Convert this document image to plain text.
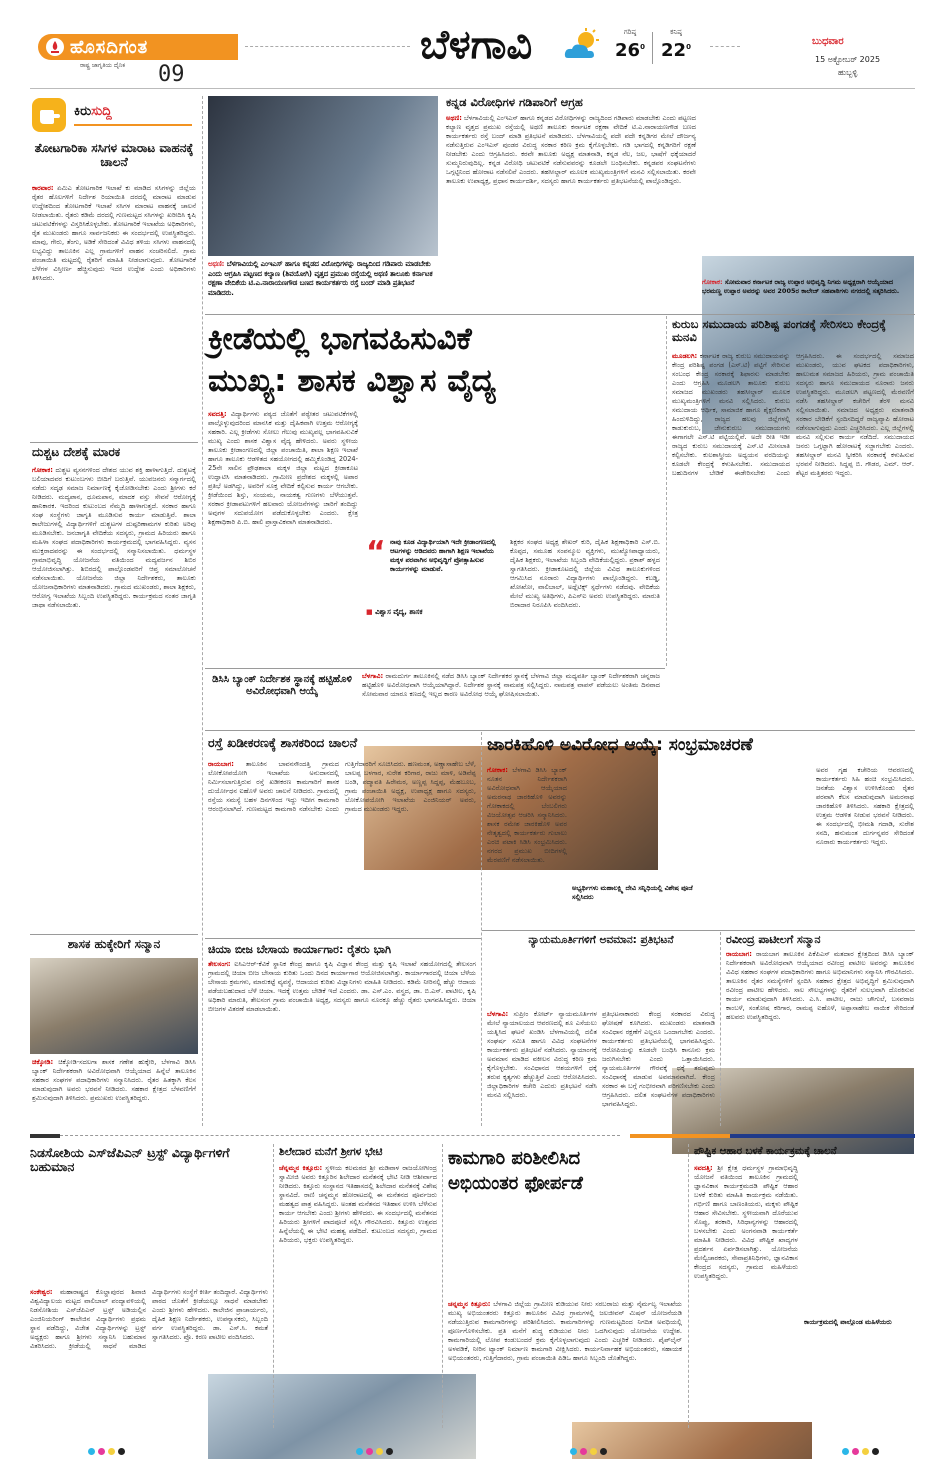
ಹೊಸದಿಗಂತ
ರಾಷ್ಟ್ರ ಜಾಗೃತಿಯ ದೈನಿಕ 09
ಬೆಳಗಾವಿ	ಗರಿಷ್ಠ
$26^0$
ಕನಿಷ್ಠ
$22^0$	ಬುಧವಾರ
15 ಅಕ್ಟೋಬರ್ 2025
ಹುಬ್ಬಳ್ಳಿ
ಕಿರುಸುದ್ದಿ
ತೋಟಗಾರಿಕಾ ಸಸಿಗಳ ಮಾರಾಟ ವಾಹನಕ್ಕೆ ಚಾಲನೆ
ಕಾರವಾರ: ಏಮಿಎ ತೋಟಗಾರಿಕ ಇಲಾಖೆ ಕು ಮಾಡಿದ ಸಸಿಗಳನ್ನು ಜಿಲ್ಲೆಯ ರೈತರ ಹೊಲಗಳಿಗೆ ನಿರ್ದೇಶ ರಿಯಾಯಿತಿ ದರದಲ್ಲಿ ಮಾರಾಟ ಮಾಡುವ ಉದ್ದೇಶದಿಂದ ತೋಟಗಾರಿಕೆ ಇಲಾಖೆ ಸಸಿಗಳ ಮಾರಾಟ ವಾಹನಕ್ಕೆ ಚಾಲನೆ ನೀಡಲಾಯಿತು. ರೈತರು ಕಡಿಮೆ ದರದಲ್ಲಿ ಗುಣಮಟ್ಟದ ಸಸಿಗಳನ್ನು ಖರೀದಿಸಿ ಕೃಷಿ ಚಟುವಟಿಕೆಗಳನ್ನು ವಿಸ್ತರಿಸಿಕೊಳ್ಳಬೇಕು. ತೋಟಗಾರಿಕೆ ಇಲಾಖೆಯ ಅಧಿಕಾರಿಗಳು, ರೈತ ಮುಖಂಡರು ಹಾಗೂ ಸಾರ್ವಜನಿಕರು ಈ ಸಂದರ್ಭದಲ್ಲಿ ಉಪಸ್ಥಿತರಿದ್ದರು. ಮಾವು, ಗೇರು, ತೆಂಗು, ಅಡಿಕೆ ಸೇರಿದಂತೆ ವಿವಿಧ ತಳಿಯ ಸಸಿಗಳು ವಾಹನದಲ್ಲಿ ಲಭ್ಯವಿದ್ದು ತಾಲೂಕಿನ ಎಲ್ಲ ಗ್ರಾಮಗಳಿಗೆ ವಾಹನ ಸಂಚರಿಸಲಿದೆ. ಗ್ರಾಮ ಪಂಚಾಯಿತಿ ಮಟ್ಟದಲ್ಲಿ ರೈತರಿಗೆ ಮಾಹಿತಿ ನೀಡಲಾಗುವುದು. ತೋಟಗಾರಿಕೆ ಬೆಳೆಗಳ ವಿಸ್ತೀರ್ಣ ಹೆಚ್ಚಿಸುವುದು ಇದರ ಉದ್ದೇಶ ಎಂದು ಅಧಿಕಾರಿಗಳು ತಿಳಿಸಿದರು.
ದುಶ್ಚಟ ದೇಶಕ್ಕೆ ಮಾರಕ
ಗೋಕಾಕ: ದುಶ್ಚಟ ವ್ಯಸನಗಳಿಂದ ದೇಶದ ಯುವ ಶಕ್ತಿ ಹಾಳಾಗುತ್ತಿದೆ. ದುಶ್ಚಟಕ್ಕೆ ಬಲಿಯಾದವರ ಕುಟುಂಬಗಳು ಬೀದಿಗೆ ಬರುತ್ತಿವೆ. ಯುವಜನರು ಸನ್ಮಾರ್ಗದಲ್ಲಿ ನಡೆದು ಸದೃಢ ಸಮಾಜ ನಿರ್ಮಾಣಕ್ಕೆ ಕೈಜೋಡಿಸಬೇಕು ಎಂದು ಶ್ರೀಗಳು ಕರೆ ನೀಡಿದರು. ಮದ್ಯಪಾನ, ಧೂಮಪಾನ, ಮಾದಕ ವಸ್ತು ಸೇವನೆ ಆರೋಗ್ಯಕ್ಕೆ ಹಾನಿಕಾರಕ. ಇದರಿಂದ ಕುಟುಂಬದ ನೆಮ್ಮದಿ ಹಾಳಾಗುತ್ತದೆ. ಸರಕಾರ ಹಾಗೂ ಸಂಘ ಸಂಸ್ಥೆಗಳು ಜಾಗೃತಿ ಮೂಡಿಸುವ ಕಾರ್ಯ ಮಾಡುತ್ತಿವೆ. ಶಾಲಾ ಕಾಲೇಜುಗಳಲ್ಲಿ ವಿದ್ಯಾರ್ಥಿಗಳಿಗೆ ದುಶ್ಚಟಗಳ ದುಷ್ಪರಿಣಾಮಗಳ ಕುರಿತು ಅರಿವು ಮೂಡಿಸಬೇಕು. ಜನಜಾಗೃತಿ ವೇದಿಕೆಯ ಸದಸ್ಯರು, ಗ್ರಾಮದ ಹಿರಿಯರು ಹಾಗೂ ಮಹಿಳಾ ಸಂಘದ ಪದಾಧಿಕಾರಿಗಳು ಕಾರ್ಯಕ್ರಮದಲ್ಲಿ ಭಾಗವಹಿಸಿದ್ದರು. ವ್ಯಸನ ಮುಕ್ತರಾದವರನ್ನು ಈ ಸಂದರ್ಭದಲ್ಲಿ ಸನ್ಮಾನಿಸಲಾಯಿತು. ಧರ್ಮಸ್ಥಳ ಗ್ರಾಮಾಭಿವೃದ್ಧಿ ಯೋಜನೆಯ ವತಿಯಿಂದ ಮದ್ಯವರ್ಜನ ಶಿಬಿರ ಆಯೋಜಿಸಲಾಗಿತ್ತು. ಶಿಬಿರದಲ್ಲಿ ಪಾಲ್ಗೊಂಡವರಿಗೆ ಆಪ್ತ ಸಮಾಲೋಚನೆ ನಡೆಸಲಾಯಿತು. ಯೋಜನೆಯ ಜಿಲ್ಲಾ ನಿರ್ದೇಶಕರು, ತಾಲೂಕು ಯೋಜನಾಧಿಕಾರಿಗಳು ಮಾತನಾಡಿದರು. ಗ್ರಾಮದ ಮುಖಂಡರು, ಶಾಲಾ ಶಿಕ್ಷಕರು, ಆರೋಗ್ಯ ಇಲಾಖೆಯ ಸಿಬ್ಬಂದಿ ಉಪಸ್ಥಿತರಿದ್ದರು. ಕಾರ್ಯಕ್ರಮದ ನಂತರ ಜಾಗೃತಿ ಜಾಥಾ ನಡೆಸಲಾಯಿತು.
ಶಾಸಕ ಹುಕ್ಕೇರಿಗೆ ಸನ್ಮಾನ
ಚಿಕ್ಕೋಡಿ: ಚಿಕ್ಕೋಡಿ-ಸದಲಗಾ ಶಾಸಕ ಗಣೇಶ ಹುಕ್ಕೇರಿ, ಬೆಳಗಾವಿ ಡಿಸಿಸಿ ಬ್ಯಾಂಕ್ ನಿರ್ದೇಶಕರಾಗಿ ಅವಿರೋಧವಾಗಿ ಆಯ್ಕೆಯಾದ ಹಿನ್ನೆಲೆ ತಾಲೂಕಿನ ಸಹಕಾರ ಸಂಘಗಳ ಪದಾಧಿಕಾರಿಗಳು ಸನ್ಮಾನಿಸಿದರು. ರೈತರ ಹಿತಕ್ಕಾಗಿ ಕೆಲಸ ಮಾಡುವುದಾಗಿ ಅವರು ಭರವಸೆ ನೀಡಿದರು. ಸಹಕಾರ ಕ್ಷೇತ್ರದ ಬೆಳವಣಿಗೆಗೆ ಶ್ರಮಿಸುವುದಾಗಿ ತಿಳಿಸಿದರು. ಪ್ರಮುಖರು ಉಪಸ್ಥಿತರಿದ್ದರು.
ಅಥಣಿ: ಬೆಳಗಾವಿಯಲ್ಲಿ ಎಂಇಎಸ್ ಹಾಗೂ ಕನ್ನಡದ ವಿರೋಧಿಗಳನ್ನು ರಾಜ್ಯದಿಂದ ಗಡಿಪಾರು ಮಾಡಬೇಕು ಎಂದು ಆಗ್ರಹಿಸಿ ಪಟ್ಟಣದ ಕಲ್ಯಾಣ (ಶಿವಯೋಗಿ) ವೃತ್ತದ ಪ್ರಮುಖ ರಸ್ತೆಯಲ್ಲಿ ಅಥಣಿ ತಾಲೂಕು ಕರ್ನಾಟಕ ರಕ್ಷಣಾ ವೇದಿಕೆಯ ಟಿ.ಎ.ನಾರಾಯಣಗೌಡ ಬಣದ ಕಾರ್ಯಕರ್ತರು ರಸ್ತೆ ಬಂದ್ ಮಾಡಿ ಪ್ರತಿಭಟನೆ ಮಾಡಿದರು.
ಕನ್ನಡ ವಿರೋಧಿಗಳ ಗಡಿಪಾರಿಗೆ ಆಗ್ರಹ
ಅಥಣಿ: ಬೆಳಗಾವಿಯಲ್ಲಿ ಎಂಇಎಸ್ ಹಾಗೂ ಕನ್ನಡದ ವಿರೋಧಿಗಳನ್ನು ರಾಜ್ಯದಿಂದ ಗಡಿಪಾರು ಮಾಡಬೇಕು ಎಂದು ಪಟ್ಟಣದ ಕಲ್ಯಾಣ ವೃತ್ತದ ಪ್ರಮುಖ ರಸ್ತೆಯಲ್ಲಿ ಅಥಣಿ ತಾಲೂಕು ಕರ್ನಾಟಕ ರಕ್ಷಣಾ ವೇದಿಕೆ ಟಿ.ಎ.ನಾರಾಯಣಗೌಡ ಬಣದ ಕಾರ್ಯಕರ್ತರು ರಸ್ತೆ ಬಂದ್ ಮಾಡಿ ಪ್ರತಿಭಟನೆ ಮಾಡಿದರು. ಬೆಳಗಾವಿಯಲ್ಲಿ ಪದೇ ಪದೇ ಕನ್ನಡಿಗರ ಮೇಲೆ ದೌರ್ಜನ್ಯ ನಡೆಸುತ್ತಿರುವ ಎಂಇಎಸ್ ಪುಂಡರ ವಿರುದ್ಧ ಸರಕಾರ ಕಠಿಣ ಕ್ರಮ ಕೈಗೊಳ್ಳಬೇಕು. ಗಡಿ ಭಾಗದಲ್ಲಿ ಕನ್ನಡಿಗರಿಗೆ ರಕ್ಷಣೆ ನೀಡಬೇಕು ಎಂದು ಆಗ್ರಹಿಸಿದರು. ಕರವೇ ತಾಲೂಕು ಅಧ್ಯಕ್ಷ ಮಾತನಾಡಿ, ಕನ್ನಡ ನೆಲ, ಜಲ, ಭಾಷೆಗೆ ಧಕ್ಕೆಯಾದರೆ ಸುಮ್ಮನಿರುವುದಿಲ್ಲ. ಕನ್ನಡ ವಿರೋಧಿ ಚಟುವಟಿಕೆ ನಡೆಸುವವರನ್ನು ಕೂಡಲೇ ಬಂಧಿಸಬೇಕು. ಕನ್ನಡಪರ ಸಂಘಟನೆಗಳು ಒಗ್ಗಟ್ಟಿನಿಂದ ಹೋರಾಟ ನಡೆಸಲಿವೆ ಎಂದರು. ತಹಸೀಲ್ದಾರ್ ಮೂಲಕ ಮುಖ್ಯಮಂತ್ರಿಗಳಿಗೆ ಮನವಿ ಸಲ್ಲಿಸಲಾಯಿತು. ಕರವೇ ತಾಲೂಕು ಉಪಾಧ್ಯಕ್ಷ, ಪ್ರಧಾನ ಕಾರ್ಯದರ್ಶಿ, ಸದಸ್ಯರು ಹಾಗೂ ಕಾರ್ಯಕರ್ತರು ಪ್ರತಿಭಟನೆಯಲ್ಲಿ ಪಾಲ್ಗೊಂಡಿದ್ದರು.
ಗೋಕಾಕ: ಸೋಮವಾರ ಕರ್ನಾಟಕ ರಾಜ್ಯ ಉಪ್ಪಾರ ಅಭಿವೃದ್ಧಿ ನಿಗಮ ಅಧ್ಯಕ್ಷರಾಗಿ ಆಯ್ಕೆಯಾದ ಭರಮಣ್ಣ ಉಪ್ಪಾರ ಅವರನ್ನು ಅವರ 2005ರ ಕಾಲೇಜ್ ಸಹಪಾಠಿಗಳು ನಗರದಲ್ಲಿ ಸತ್ಕರಿಸಿದರು.
ಕ್ರೀಡೆಯಲ್ಲಿ ಭಾಗವಹಿಸುವಿಕೆ
ಮುಖ್ಯ: ಶಾಸಕ ವಿಶ್ವಾಸ ವೈದ್ಯ
ಸವದತ್ತಿ: ವಿದ್ಯಾರ್ಥಿಗಳು ಪಠ್ಯದ ಜೊತೆಗೆ ಪಠ್ಯೇತರ ಚಟುವಟಿಕೆಗಳಲ್ಲಿ ಪಾಲ್ಗೊಳ್ಳುವುದರಿಂದ ಮಾನಸಿಕ ಮತ್ತು ದೈಹಿಕವಾಗಿ ಉತ್ತಮ ಆರೋಗ್ಯಕ್ಕೆ ಸಹಕಾರಿ. ಎಲ್ಲ ಕ್ರೀಡೆಗಳು ಸೋಲು ಗೆಲುವು ಮುಖ್ಯವಲ್ಲ ಭಾಗವಹಿಸುವಿಕೆ ಮುಖ್ಯ ಎಂದು ಶಾಸಕ ವಿಶ್ವಾಸ ವೈದ್ಯ ಹೇಳಿದರು. ಅವರು ಸ್ಥಳೀಯ ತಾಲೂಕು ಕ್ರೀಡಾಂಗಣದಲ್ಲಿ ಜಿಲ್ಲಾ ಪಂಚಾಯಿತಿ, ಶಾಲಾ ಶಿಕ್ಷಣ ಇಲಾಖೆ ಹಾಗೂ ತಾಲೂಕು ಆಡಳಿತದ ಸಹಯೋಗದಲ್ಲಿ ಹಮ್ಮಿಕೊಂಡಿದ್ದ 2024-25ನೇ ಸಾಲಿನ ಪ್ರೌಢಶಾಲಾ ಮಕ್ಕಳ ಜಿಲ್ಲಾ ಮಟ್ಟದ ಕ್ರೀಡಾಕೂಟ ಉದ್ಘಾಟಿಸಿ ಮಾತನಾಡಿದರು. ಗ್ರಾಮೀಣ ಪ್ರದೇಶದ ಮಕ್ಕಳಲ್ಲಿ ಅಪಾರ ಪ್ರತಿಭೆ ಅಡಗಿದ್ದು, ಅವರಿಗೆ ಸೂಕ್ತ ವೇದಿಕೆ ಕಲ್ಪಿಸುವ ಕಾರ್ಯ ಆಗಬೇಕು. ಕ್ರೀಡೆಯಿಂದ ಶಿಸ್ತು, ಸಂಯಮ, ನಾಯಕತ್ವ ಗುಣಗಳು ಬೆಳೆಯುತ್ತವೆ. ಸರಕಾರ ಕ್ರೀಡಾಪಟುಗಳಿಗೆ ಹಲವಾರು ಯೋಜನೆಗಳನ್ನು ಜಾರಿಗೆ ತಂದಿದ್ದು ಅವುಗಳ ಸದುಪಯೋಗ ಪಡೆದುಕೊಳ್ಳಬೇಕು ಎಂದರು. ಕ್ಷೇತ್ರ ಶಿಕ್ಷಣಾಧಿಕಾರಿ ಪಿ.ಬಿ. ಹಾಲಿ ಪ್ರಾಸ್ತಾವಿಕವಾಗಿ ಮಾತನಾಡಿದರು.
“ ನಾವು ಕೂಡ ವಿದ್ಯಾರ್ಥಿಯಾಗಿ ಇದೇ ಕ್ರೀಡಾಂಗಣದಲ್ಲಿ ಆಟಗಳನ್ನು ಆಡಿದವರು ಹಾಗಾಗಿ ಶಿಕ್ಷಣ ಇಲಾಖೆಯ ಮಕ್ಕಳ ಪರವಾಗಿನ ಅಭಿವೃದ್ಧಿಗೆ ಪ್ರೋತ್ಸಾಹಿಸುವ ಕಾರ್ಯಗಳನ್ನು ಮಾಡುವೆ.
■ ವಿಶ್ವಾಸ ವೈದ್ಯ, ಶಾಸಕ
ಶಿಕ್ಷಕರ ಸಂಘದ ಅಧ್ಯಕ್ಷ ಶೇಖರ್ ಕುರಿ, ದೈಹಿಕ ಶಿಕ್ಷಣಾಧಿಕಾರಿ ಎಸ್.ಬಿ. ಕೊಪ್ಪದ, ಸಮೂಹ ಸಂಪನ್ಮೂಲ ವ್ಯಕ್ತಿಗಳು, ಮುಖ್ಯೋಪಾಧ್ಯಾಯರು, ದೈಹಿಕ ಶಿಕ್ಷಕರು, ಇಲಾಖೆಯ ಸಿಬ್ಬಂದಿ ವೇದಿಕೆಯಲ್ಲಿದ್ದರು. ಪ್ರಕಾಶ್ ಹಳ್ಳದ ಸ್ವಾಗತಿಸಿದರು. ಕ್ರೀಡಾಕೂಟದಲ್ಲಿ ಜಿಲ್ಲೆಯ ವಿವಿಧ ತಾಲೂಕುಗಳಿಂದ ಆಗಮಿಸಿದ ನೂರಾರು ವಿದ್ಯಾರ್ಥಿಗಳು ಪಾಲ್ಗೊಂಡಿದ್ದರು. ಕಬಡ್ಡಿ, ಖೋಖೋ, ವಾಲಿಬಾಲ್, ಅಥ್ಲೆಟಿಕ್ಸ್ ಸ್ಪರ್ಧೆಗಳು ನಡೆದವು. ವೇದಿಕೆಯ ಮೇಲೆ ಮುಖ್ಯ ಅತಿಥಿಗಳು, ಪಿಎಸ್ಐ ಅವರು ಉಪಸ್ಥಿತರಿದ್ದರು. ಮಾರುತಿ ಬಿರಾದಾರ ನಿರೂಪಿಸಿ ವಂದಿಸಿದರು.
ಕುರುಬ ಸಮುದಾಯ ಪರಿಶಿಷ್ಟ ಪಂಗಡಕ್ಕೆ ಸೇರಿಸಲು ಕೇಂದ್ರಕ್ಕೆ ಮನವಿ
ಮೂಡಲಗಿ: ಕರ್ನಾಟಕ ರಾಜ್ಯ ಕುರುಬ ಸಮುದಾಯವನ್ನು ಕೇಂದ್ರ ಪರಿಶಿಷ್ಟ ಪಂಗಡ (ಎಸ್.ಟಿ) ಪಟ್ಟಿಗೆ ಸೇರಿಸುವ ಸಂಬಂಧ ಕೇಂದ್ರ ಸರಕಾರಕ್ಕೆ ಶಿಫಾರಸು ಮಾಡಬೇಕು ಎಂದು ಆಗ್ರಹಿಸಿ ಮೂಡಲಗಿ ತಾಲೂಕು ಕುರುಬ ಸಮಾಜದ ಮುಖಂಡರು ತಹಸೀಲ್ದಾರ್ ಮೂಲಕ ಮುಖ್ಯಮಂತ್ರಿಗಳಿಗೆ ಮನವಿ ಸಲ್ಲಿಸಿದರು. ಕುರುಬ ಸಮುದಾಯ ಆರ್ಥಿಕ, ಸಾಮಾಜಿಕ ಹಾಗೂ ಶೈಕ್ಷಣಿಕವಾಗಿ ಹಿಂದುಳಿದಿದ್ದು, ರಾಜ್ಯದ ಹಲವು ಜಿಲ್ಲೆಗಳಲ್ಲಿ ಕಾಡುಕುರುಬ, ಜೇನುಕುರುಬ ಸಮುದಾಯಗಳು ಈಗಾಗಲೇ ಎಸ್.ಟಿ ಪಟ್ಟಿಯಲ್ಲಿವೆ. ಅದೇ ರೀತಿ ಇಡೀ ರಾಜ್ಯದ ಕುರುಬ ಸಮುದಾಯಕ್ಕೆ ಎಸ್.ಟಿ ಮೀಸಲಾತಿ ಕಲ್ಪಿಸಬೇಕು. ಕುಲಶಾಸ್ತ್ರೀಯ ಅಧ್ಯಯನ ವರದಿಯನ್ನು ಕೂಡಲೇ ಕೇಂದ್ರಕ್ಕೆ ಕಳುಹಿಸಬೇಕು. ಸಮುದಾಯದ ಬಹುದಿನಗಳ ಬೇಡಿಕೆ ಈಡೇರಿಸಬೇಕು ಎಂದು ಆಗ್ರಹಿಸಿದರು. ಈ ಸಂದರ್ಭದಲ್ಲಿ ಸಮಾಜದ ಮುಖಂಡರು, ಯುವ ಘಟಕದ ಪದಾಧಿಕಾರಿಗಳು, ಹಾಲುಮತ ಸಮಾಜದ ಹಿರಿಯರು, ಗ್ರಾಮ ಪಂಚಾಯಿತಿ ಸದಸ್ಯರು ಹಾಗೂ ಸಮುದಾಯದ ನೂರಾರು ಜನರು ಉಪಸ್ಥಿತರಿದ್ದರು. ಮೂಡಲಗಿ ಪಟ್ಟಣದಲ್ಲಿ ಮೆರವಣಿಗೆ ನಡೆಸಿ ತಹಸೀಲ್ದಾರ್ ಕಚೇರಿಗೆ ತೆರಳಿ ಮನವಿ ಸಲ್ಲಿಸಲಾಯಿತು. ಸಮಾಜದ ಅಧ್ಯಕ್ಷರು ಮಾತನಾಡಿ ಸರಕಾರ ಬೇಡಿಕೆಗೆ ಸ್ಪಂದಿಸದಿದ್ದರೆ ರಾಜ್ಯವ್ಯಾಪಿ ಹೋರಾಟ ನಡೆಸಲಾಗುವುದು ಎಂದು ಎಚ್ಚರಿಸಿದರು. ಎಲ್ಲ ಜಿಲ್ಲೆಗಳಲ್ಲಿ ಮನವಿ ಸಲ್ಲಿಸುವ ಕಾರ್ಯ ನಡೆದಿದೆ. ಸಮುದಾಯದ ಜನರು ಒಗ್ಗಟ್ಟಾಗಿ ಹೋರಾಟಕ್ಕೆ ಸಜ್ಜಾಗಬೇಕು ಎಂದರು. ತಹಸೀಲ್ದಾರ್ ಮನವಿ ಸ್ವೀಕರಿಸಿ ಸರಕಾರಕ್ಕೆ ಕಳುಹಿಸುವ ಭರವಸೆ ನೀಡಿದರು. ಸಿದ್ದಪ್ಪ ಬಿ. ಗೌಡರ, ಎಮ್. ಆರ್. ಶೆಟ್ಟರ ಮತ್ತಿತರರು ಇದ್ದರು.
ಡಿಸಿಸಿ ಬ್ಯಾಂಕ್ ನಿರ್ದೇಶಕ ಸ್ಥಾನಕ್ಕೆ ಹಟ್ಟಿಹೊಳಿ ಅವಿರೋಧವಾಗಿ ಆಯ್ಕೆ
ಬೆಳಗಾವಿ: ರಾಮದುರ್ಗ ತಾಲೂಕಿನಲ್ಲಿ ನಡೆದ ಡಿಸಿಸಿ ಬ್ಯಾಂಕ್ ನಿರ್ದೇಶಕರ ಸ್ಥಾನಕ್ಕೆ ಬೆಳಗಾವಿ ಜಿಲ್ಲಾ ಮಧ್ಯವರ್ತಿ ಬ್ಯಾಂಕ್ ನಿರ್ದೇಶಕರಾಗಿ ಚನ್ನರಾಜ ಹಟ್ಟಿಹೊಳಿ ಅವಿರೋಧವಾಗಿ ಆಯ್ಕೆಯಾಗಿದ್ದಾರೆ. ನಿರ್ದೇಶಕ ಸ್ಥಾನಕ್ಕೆ ನಾಮಪತ್ರ ಸಲ್ಲಿಸಿದ್ದರು. ನಾಮಪತ್ರ ವಾಪಸ್ ಪಡೆಯಲು ಅಂತಿಮ ದಿನವಾದ ಸೋಮವಾರ ಯಾರೂ ಕಣದಲ್ಲಿ ಇಲ್ಲದ ಕಾರಣ ಅವಿರೋಧ ಆಯ್ಕೆ ಘೋಷಿಸಲಾಯಿತು.
ರಸ್ತೆ ಖಡೀಕರಣಕ್ಕೆ ಶಾಸಕರಿಂದ ಚಾಲನೆ
ರಾಯಬಾಗ: ತಾಲೂಕಿನ ಬಾವನಸೌಂದತ್ತಿ ಗ್ರಾಮದ ಲೋಕೋಪಯೋಗಿ ಇಲಾಖೆಯ ಅನುದಾನದಲ್ಲಿ ನಿರ್ಮಿಸಲಾಗುತ್ತಿರುವ ರಸ್ತೆ ಖಡೀಕರಣ ಕಾಮಗಾರಿಗೆ ಶಾಸಕ ದುರ್ಯೋಧನ ಐಹೊಳೆ ಅವರು ಚಾಲನೆ ನೀಡಿದರು. ಗ್ರಾಮದಲ್ಲಿ ರಸ್ತೆಯ ಸಮಸ್ಯೆ ಬಹಳ ದಿನಗಳಿಂದ ಇದ್ದು ಇದೀಗ ಕಾಮಗಾರಿ ಆರಂಭಿಸಲಾಗಿದೆ. ಗುಣಮಟ್ಟದ ಕಾಮಗಾರಿ ನಡೆಸಬೇಕು ಎಂದು ಗುತ್ತಿಗೆದಾರರಿಗೆ ಸೂಚಿಸಿದರು. ಹಣಮಂತ, ಅಣ್ಣಾಸಾಹೇಬ ಬೆಳೆ, ಬಾಲಪ್ಪ ಬಳಗಾರ, ಸುರೇಶ ಕರಿಗಾರ, ರಾಜು ಮಾಳಿ, ಅಡಿವೆಪ್ಪ ಬಂಡಿ, ಪದ್ಮಾವತಿ ಹಿರೇಮಠ, ಅಣ್ಣಪ್ಪ ಸಿದ್ದಪ್ಪ, ಮೆಹಬೂಬ, ಗ್ರಾಮ ಪಂಚಾಯಿತಿ ಅಧ್ಯಕ್ಷ, ಉಪಾಧ್ಯಕ್ಷ ಹಾಗೂ ಸದಸ್ಯರು, ಲೋಕೋಪಯೋಗಿ ಇಲಾಖೆಯ ಎಂಜಿನಿಯರ್ ಅವರು, ಗ್ರಾಮದ ಮುಖಂಡರು ಇದ್ದರು.
ಜಾರಕಿಹೊಳಿ ಅವಿರೋಧ ಆಯ್ಕೆ: ಸಂಭ್ರಮಾಚರಣೆ
ಗೋಕಾಕ: ಬೆಳಗಾವಿ ಡಿಸಿಸಿ ಬ್ಯಾಂಕ್ ನೂತನ ನಿರ್ದೇಶಕರಾಗಿ ಅವಿರೋಧವಾಗಿ ಆಯ್ಕೆಯಾದ ಅಮರನಾಥ ಜಾರಕಿಹೊಳಿ ಅವರನ್ನು ಗೋಕಾಕದಲ್ಲಿ ಬೆಂಬಲಿಗರು ವಿಜಯೋತ್ಸವ ಆಚರಿಸಿ ಸನ್ಮಾನಿಸಿದರು. ಶಾಸಕ ರಮೇಶ ಜಾರಕಿಹೊಳಿ ಅವರ ನೇತೃತ್ವದಲ್ಲಿ ಕಾರ್ಯಕರ್ತರು ಗುಲಾಲು ಎರಚಿ ಪಟಾಕಿ ಸಿಡಿಸಿ ಸಂಭ್ರಮಿಸಿದರು. ನಗರದ ಪ್ರಮುಖ ಬೀದಿಗಳಲ್ಲಿ ಮೆರವಣಿಗೆ ನಡೆಸಲಾಯಿತು.
ಅಭ್ಯರ್ಥಿಗಳು ಮಹಾಲಕ್ಷ್ಮಿ ದೇವಿ ಸನ್ನಿಧಿಯಲ್ಲಿ ವಿಶೇಷ ಪೂಜೆ ಸಲ್ಲಿಸಿದರು
ಅವರ ಗೃಹ ಕಚೇರಿಯ ಆವರಣದಲ್ಲಿ ಕಾರ್ಯಕರ್ತರು ಸಿಹಿ ಹಂಚಿ ಸಂಭ್ರಮಿಸಿದರು. ಜನತೆಯ ವಿಶ್ವಾಸ ಉಳಿಸಿಕೊಂಡು ರೈತರ ಪರವಾಗಿ ಕೆಲಸ ಮಾಡುವುದಾಗಿ ಅಮರನಾಥ ಜಾರಕಿಹೊಳಿ ತಿಳಿಸಿದರು. ಸಹಕಾರಿ ಕ್ಷೇತ್ರದಲ್ಲಿ ಉತ್ತಮ ಆಡಳಿತ ನೀಡುವ ಭರವಸೆ ನೀಡಿದರು. ಈ ಸಂದರ್ಭದಲ್ಲಿ ಭೀಮಶಿ ಗದಾಡಿ, ಸುರೇಶ ಸನದಿ, ಹನುಮಂತ ದುರ್ಗನ್ನವರ ಸೇರಿದಂತೆ ನೂರಾರು ಕಾರ್ಯಕರ್ತರು ಇದ್ದರು.
ಚಿಯಾ ಬೀಜ ಬೇಸಾಯ ಕಾರ್ಯಾಗಾರ: ರೈತರು ಭಾಗಿ
ತೇಲಸಂಗ: ಐಸಿಎಆರ್-ಕೆವಿಕೆ ಸ್ಥಾನಿಕ ಕೇಂದ್ರ ಹಾಗೂ ಕೃಷಿ ವಿಜ್ಞಾನ ಕೇಂದ್ರ ಮತ್ತು ಕೃಷಿ ಇಲಾಖೆ ಸಹಯೋಗದಲ್ಲಿ ತೇಲಸಂಗ ಗ್ರಾಮದಲ್ಲಿ ಚಿಯಾ ಬೀಜ ಬೇಸಾಯ ಕುರಿತು ಒಂದು ದಿನದ ಕಾರ್ಯಾಗಾರ ಆಯೋಜಿಸಲಾಗಿತ್ತು. ಕಾರ್ಯಾಗಾರದಲ್ಲಿ ಚಿಯಾ ಬೆಳೆಯ ಬೇಸಾಯ ಕ್ರಮಗಳು, ಮಾರುಕಟ್ಟೆ ವ್ಯವಸ್ಥೆ, ಆದಾಯದ ಕುರಿತು ವಿಜ್ಞಾನಿಗಳು ಮಾಹಿತಿ ನೀಡಿದರು. ಕಡಿಮೆ ನೀರಿನಲ್ಲಿ ಹೆಚ್ಚು ಆದಾಯ ಪಡೆಯಬಹುದಾದ ಬೆಳೆ ಚಿಯಾ. ಇದಕ್ಕೆ ಉತ್ತಮ ಬೇಡಿಕೆ ಇದೆ ಎಂದರು. ಡಾ. ಎಸ್.ಎಂ. ವಸ್ತ್ರದ, ಡಾ. ಬಿ.ಎಸ್. ಪಾಟೀಲ, ಕೃಷಿ ಅಧಿಕಾರಿ ಮಾರುತಿ, ತೇಲಸಂಗ ಗ್ರಾಮ ಪಂಚಾಯಿತಿ ಅಧ್ಯಕ್ಷ, ಸದಸ್ಯರು ಹಾಗೂ ನೂರಕ್ಕೂ ಹೆಚ್ಚು ರೈತರು ಭಾಗವಹಿಸಿದ್ದರು. ಚಿಯಾ ಬೀಜಗಳ ವಿತರಣೆ ಮಾಡಲಾಯಿತು.
ನ್ಯಾಯಮೂರ್ತಿಗಳಿಗೆ ಅವಮಾನ: ಪ್ರತಿಭಟನೆ
ಬೆಳಗಾವಿ: ಸುಪ್ರೀಂ ಕೋರ್ಟ್ ನ್ಯಾಯಮೂರ್ತಿಗಳ ಮೇಲೆ ನ್ಯಾಯಾಲಯದ ಆವರಣದಲ್ಲಿ ಶೂ ಎಸೆಯಲು ಯತ್ನಿಸಿದ ಘಟನೆ ಖಂಡಿಸಿ ಬೆಳಗಾವಿಯಲ್ಲಿ ದಲಿತ ಸಂಘರ್ಷ ಸಮಿತಿ ಹಾಗೂ ವಿವಿಧ ಸಂಘಟನೆಗಳ ಕಾರ್ಯಕರ್ತರು ಪ್ರತಿಭಟನೆ ನಡೆಸಿದರು. ನ್ಯಾಯಾಂಗಕ್ಕೆ ಅವಮಾನ ಮಾಡಿದ ವಕೀಲನ ವಿರುದ್ಧ ಕಠಿಣ ಕ್ರಮ ಕೈಗೊಳ್ಳಬೇಕು. ಸಂವಿಧಾನದ ಆಶಯಗಳಿಗೆ ಧಕ್ಕೆ ತರುವ ಕೃತ್ಯಗಳು ಹೆಚ್ಚುತ್ತಿವೆ ಎಂದು ಆರೋಪಿಸಿದರು. ಜಿಲ್ಲಾಧಿಕಾರಿಗಳ ಕಚೇರಿ ಎದುರು ಪ್ರತಿಭಟನೆ ನಡೆಸಿ ಮನವಿ ಸಲ್ಲಿಸಿದರು.
ಪ್ರತಿಭಟನಾಕಾರರು ಕೇಂದ್ರ ಸರಕಾರದ ವಿರುದ್ಧ ಘೋಷಣೆ ಕೂಗಿದರು. ಮುಖಂಡರು ಮಾತನಾಡಿ ಸಂವಿಧಾನ ರಕ್ಷಣೆಗೆ ಎಲ್ಲರೂ ಒಂದಾಗಬೇಕು ಎಂದರು. ಕಾರ್ಯಕರ್ತರು ಪ್ರತಿಭಟನೆಯಲ್ಲಿ ಭಾಗವಹಿಸಿದ್ದರು. ಆರೋಪಿಯನ್ನು ಕೂಡಲೇ ಬಂಧಿಸಿ ಕಾನೂನು ಕ್ರಮ ಜರುಗಿಸಬೇಕು ಎಂದು ಒತ್ತಾಯಿಸಿದರು. ನ್ಯಾಯಮೂರ್ತಿಗಳ ಗೌರವಕ್ಕೆ ಧಕ್ಕೆ ತರುವುದು ಸಂವಿಧಾನಕ್ಕೆ ಮಾಡುವ ಅವಮಾನವಾಗಿದೆ. ಕೇಂದ್ರ ಸರಕಾರ ಈ ಬಗ್ಗೆ ಗಂಭೀರವಾಗಿ ಪರಿಗಣಿಸಬೇಕು ಎಂದು ಆಗ್ರಹಿಸಿದರು. ದಲಿತ ಸಂಘಟನೆಗಳ ಪದಾಧಿಕಾರಿಗಳು ಭಾಗವಹಿಸಿದ್ದರು.
ರವೀಂದ್ರ ಪಾಟೀಲಗೆ ಸನ್ಮಾನ
ರಾಯಬಾಗ: ರಾಯಬಾಗ ತಾಲೂಕಿನ ಪಿಕೆಪಿಎಸ್ ಮತದಾರ ಕ್ಷೇತ್ರದಿಂದ ಡಿಸಿಸಿ ಬ್ಯಾಂಕ್ ನಿರ್ದೇಶಕರಾಗಿ ಅವಿರೋಧವಾಗಿ ಆಯ್ಕೆಯಾದ ರವೀಂದ್ರ ಪಾಟೀಲ ಅವರನ್ನು ತಾಲೂಕಿನ ವಿವಿಧ ಸಹಕಾರ ಸಂಘಗಳ ಪದಾಧಿಕಾರಿಗಳು ಹಾಗೂ ಅಭಿಮಾನಿಗಳು ಸನ್ಮಾನಿಸಿ ಗೌರವಿಸಿದರು. ತಾಲೂಕಿನ ರೈತರ ಸಮಸ್ಯೆಗಳಿಗೆ ಸ್ಪಂದಿಸಿ ಸಹಕಾರ ಕ್ಷೇತ್ರದ ಅಭಿವೃದ್ಧಿಗೆ ಶ್ರಮಿಸುವುದಾಗಿ ರವೀಂದ್ರ ಪಾಟೀಲ ಹೇಳಿದರು. ಸಾಲ ಸೌಲಭ್ಯಗಳನ್ನು ರೈತರಿಗೆ ಸುಲಭವಾಗಿ ದೊರಕಿಸುವ ಕಾರ್ಯ ಮಾಡುವುದಾಗಿ ತಿಳಿಸಿದರು. ಎ.ಸಿ. ಪಾಟೀಲ, ರಾಜು ಚೌಗುಲೆ, ಬಸವರಾಜ ಕಾಂಬಳೆ, ಸಂತೋಷ ಕರಿಗಾರ, ರಾಮಪ್ಪ ಐಹೊಳೆ, ಅಪ್ಪಾಸಾಹೇಬ ನಾಯಿಕ ಸೇರಿದಂತೆ ಹಲವರು ಉಪಸ್ಥಿತರಿದ್ದರು.
ನಿಡಸೋಶಿಯ ಎಸ್‌ಜೆಪಿಎನ್ ಟ್ರಸ್ಟ್ ವಿದ್ಯಾರ್ಥಿಗಳಿಗೆ ಬಹುಮಾನ
ಸಂಕೇಶ್ವರ: ಮಹಾರಾಷ್ಟ್ರದ ಕೊಲ್ಹಾಪುರದ ಶಿವಾಜಿ ವಿಶ್ವವಿದ್ಯಾಲಯ ಮಟ್ಟದ ವಾಲಿಬಾಲ್ ಪಂದ್ಯಾವಳಿಯಲ್ಲಿ ನಿಡಸೋಶಿಯ ಎಸ್‌ಜೆಪಿಎನ್ ಟ್ರಸ್ಟ್ ಅಡಿಯಲ್ಲಿನ ಎಂಜಿನಿಯರಿಂಗ್ ಕಾಲೇಜಿನ ವಿದ್ಯಾರ್ಥಿಗಳು ಪ್ರಥಮ ಸ್ಥಾನ ಪಡೆದಿದ್ದು, ವಿಜೇತ ವಿದ್ಯಾರ್ಥಿಗಳನ್ನು ಟ್ರಸ್ಟ್ ಅಧ್ಯಕ್ಷರು ಹಾಗೂ ಶ್ರೀಗಳು ಸನ್ಮಾನಿಸಿ ಬಹುಮಾನ ವಿತರಿಸಿದರು. ಕ್ರೀಡೆಯಲ್ಲಿ ಸಾಧನೆ ಮಾಡಿದ ವಿದ್ಯಾರ್ಥಿಗಳು ಸಂಸ್ಥೆಗೆ ಕೀರ್ತಿ ತಂದಿದ್ದಾರೆ. ವಿದ್ಯಾರ್ಥಿಗಳು ಪಾಠದ ಜೊತೆಗೆ ಕ್ರೀಡೆಯಲ್ಲೂ ಸಾಧನೆ ಮಾಡಬೇಕು ಎಂದು ಶ್ರೀಗಳು ಹೇಳಿದರು. ಕಾಲೇಜಿನ ಪ್ರಾಚಾರ್ಯರು, ದೈಹಿಕ ಶಿಕ್ಷಣ ನಿರ್ದೇಶಕರು, ಉಪನ್ಯಾಸಕರು, ಸಿಬ್ಬಂದಿ ವರ್ಗ ಉಪಸ್ಥಿತರಿದ್ದರು. ಡಾ. ಎಸ್.ಸಿ. ಕಮತೆ ಸ್ವಾಗತಿಸಿದರು. ಪ್ರೊ. ಕಿರಣ ಪಾಟೀಲ ವಂದಿಸಿದರು.
ಶಿಲೇದಾರ ಮನೆಗೆ ಶ್ರೀಗಳ ಭೇಟಿ
ಚೆನ್ನಮ್ಮನ ಕಿತ್ತೂರು: ಸ್ಥಳೀಯ ಕಲಮಠದ ಶ್ರೀ ಮಡಿವಾಳ ರಾಜಯೋಗೀಂದ್ರ ಸ್ವಾಮೀಜಿ ಅವರು ಕಿತ್ತೂರಿನ ಶಿಲೇದಾರ ಮನೆತನಕ್ಕೆ ಭೇಟಿ ನೀಡಿ ಆಶೀರ್ವಾದ ನೀಡಿದರು. ಕಿತ್ತೂರು ಸಂಸ್ಥಾನದ ಇತಿಹಾಸದಲ್ಲಿ ಶಿಲೇದಾರ ಮನೆತನಕ್ಕೆ ವಿಶೇಷ ಸ್ಥಾನವಿದೆ. ರಾಣಿ ಚನ್ನಮ್ಮನ ಹೋರಾಟದಲ್ಲಿ ಈ ಮನೆತನದ ಪೂರ್ವಜರು ಮಹತ್ವದ ಪಾತ್ರ ವಹಿಸಿದ್ದರು. ಅಂತಹ ಮನೆತನದ ಇತಿಹಾಸ ಉಳಿಸಿ ಬೆಳೆಸುವ ಕಾರ್ಯ ಆಗಬೇಕು ಎಂದು ಶ್ರೀಗಳು ಹೇಳಿದರು. ಈ ಸಂದರ್ಭದಲ್ಲಿ ಮನೆತನದ ಹಿರಿಯರು ಶ್ರೀಗಳಿಗೆ ಪಾದಪೂಜೆ ಸಲ್ಲಿಸಿ ಗೌರವಿಸಿದರು. ಕಿತ್ತೂರು ಉತ್ಸವದ ಹಿನ್ನೆಲೆಯಲ್ಲಿ ಈ ಭೇಟಿ ಮಹತ್ವ ಪಡೆದಿದೆ. ಕುಟುಂಬದ ಸದಸ್ಯರು, ಗ್ರಾಮದ ಹಿರಿಯರು, ಭಕ್ತರು ಉಪಸ್ಥಿತರಿದ್ದರು.
ಕಾಮಗಾರಿ ಪರಿಶೀಲಿಸಿದ
ಅಭಿಯಂತರ ಫೋರ್ಪಡೆ
ಚನ್ನಮ್ಮನ ಕಿತ್ತೂರು: ಬೆಳಗಾವಿ ಜಿಲ್ಲೆಯ ಗ್ರಾಮೀಣ ಕುಡಿಯುವ ನೀರು ಸರಬರಾಜು ಮತ್ತು ನೈರ್ಮಲ್ಯ ಇಲಾಖೆಯ ಮುಖ್ಯ ಅಭಿಯಂತರರು ಕಿತ್ತೂರು ತಾಲೂಕಿನ ವಿವಿಧ ಗ್ರಾಮಗಳಲ್ಲಿ ಜಲಜೀವನ್ ಮಿಷನ್ ಯೋಜನೆಯಡಿ ನಡೆಯುತ್ತಿರುವ ಕಾಮಗಾರಿಗಳನ್ನು ಪರಿಶೀಲಿಸಿದರು. ಕಾಮಗಾರಿಗಳನ್ನು ಗುಣಮಟ್ಟದಿಂದ ನಿಗದಿತ ಅವಧಿಯಲ್ಲಿ ಪೂರ್ಣಗೊಳಿಸಬೇಕು. ಪ್ರತಿ ಮನೆಗೆ ಶುದ್ಧ ಕುಡಿಯುವ ನೀರು ಒದಗಿಸುವುದು ಯೋಜನೆಯ ಉದ್ದೇಶ. ಕಾಮಗಾರಿಯಲ್ಲಿ ಲೋಪ ಕಂಡುಬಂದರೆ ಕ್ರಮ ಕೈಗೊಳ್ಳಲಾಗುವುದು ಎಂದು ಎಚ್ಚರಿಕೆ ನೀಡಿದರು. ಪೈಪ್‌ಲೈನ್ ಅಳವಡಿಕೆ, ನೀರಿನ ಟ್ಯಾಂಕ್ ನಿರ್ಮಾಣ ಕಾಮಗಾರಿ ವೀಕ್ಷಿಸಿದರು. ಕಾರ್ಯನಿರ್ವಾಹಕ ಅಭಿಯಂತರರು, ಸಹಾಯಕ ಅಭಿಯಂತರರು, ಗುತ್ತಿಗೆದಾರರು, ಗ್ರಾಮ ಪಂಚಾಯಿತಿ ಪಿಡಿಒ ಹಾಗೂ ಸಿಬ್ಬಂದಿ ಜೊತೆಗಿದ್ದರು.
ಪೌಷ್ಟಿಕ ಆಹಾರ ಬಳಕೆ ಕಾರ್ಯಕ್ರಮಕ್ಕೆ ಚಾಲನೆ
ಸವದತ್ತಿ: ಶ್ರೀ ಕ್ಷೇತ್ರ ಧರ್ಮಸ್ಥಳ ಗ್ರಾಮಾಭಿವೃದ್ಧಿ ಯೋಜನೆ ವತಿಯಿಂದ ತಾಲೂಕಿನ ಗ್ರಾಮದಲ್ಲಿ ಜ್ಞಾನವಿಕಾಸ ಕಾರ್ಯಕ್ರಮದಡಿ ಪೌಷ್ಟಿಕ ಆಹಾರ ಬಳಕೆ ಕುರಿತು ಮಾಹಿತಿ ಕಾರ್ಯಕ್ರಮ ನಡೆಯಿತು. ಗರ್ಭಿಣಿ ಹಾಗೂ ಬಾಣಂತಿಯರು, ಮಕ್ಕಳು ಪೌಷ್ಟಿಕ ಆಹಾರ ಸೇವಿಸಬೇಕು. ಸ್ಥಳೀಯವಾಗಿ ದೊರೆಯುವ ಸೊಪ್ಪು, ತರಕಾರಿ, ಸಿರಿಧಾನ್ಯಗಳನ್ನು ಆಹಾರದಲ್ಲಿ ಬಳಸಬೇಕು ಎಂದು ಅಂಗನವಾಡಿ ಕಾರ್ಯಕರ್ತೆ ಮಾಹಿತಿ ನೀಡಿದರು. ವಿವಿಧ ಪೌಷ್ಟಿಕ ಖಾದ್ಯಗಳ ಪ್ರದರ್ಶನ ಏರ್ಪಡಿಸಲಾಗಿತ್ತು. ಯೋಜನೆಯ ಮೇಲ್ವಿಚಾರಕರು, ಸೇವಾಪ್ರತಿನಿಧಿಗಳು, ಜ್ಞಾನವಿಕಾಸ ಕೇಂದ್ರದ ಸದಸ್ಯರು, ಗ್ರಾಮದ ಮಹಿಳೆಯರು ಉಪಸ್ಥಿತರಿದ್ದರು.
ಕಾರ್ಯಕ್ರಮದಲ್ಲಿ ಪಾಲ್ಗೊಂಡ ಮಹಿಳೆಯರು
